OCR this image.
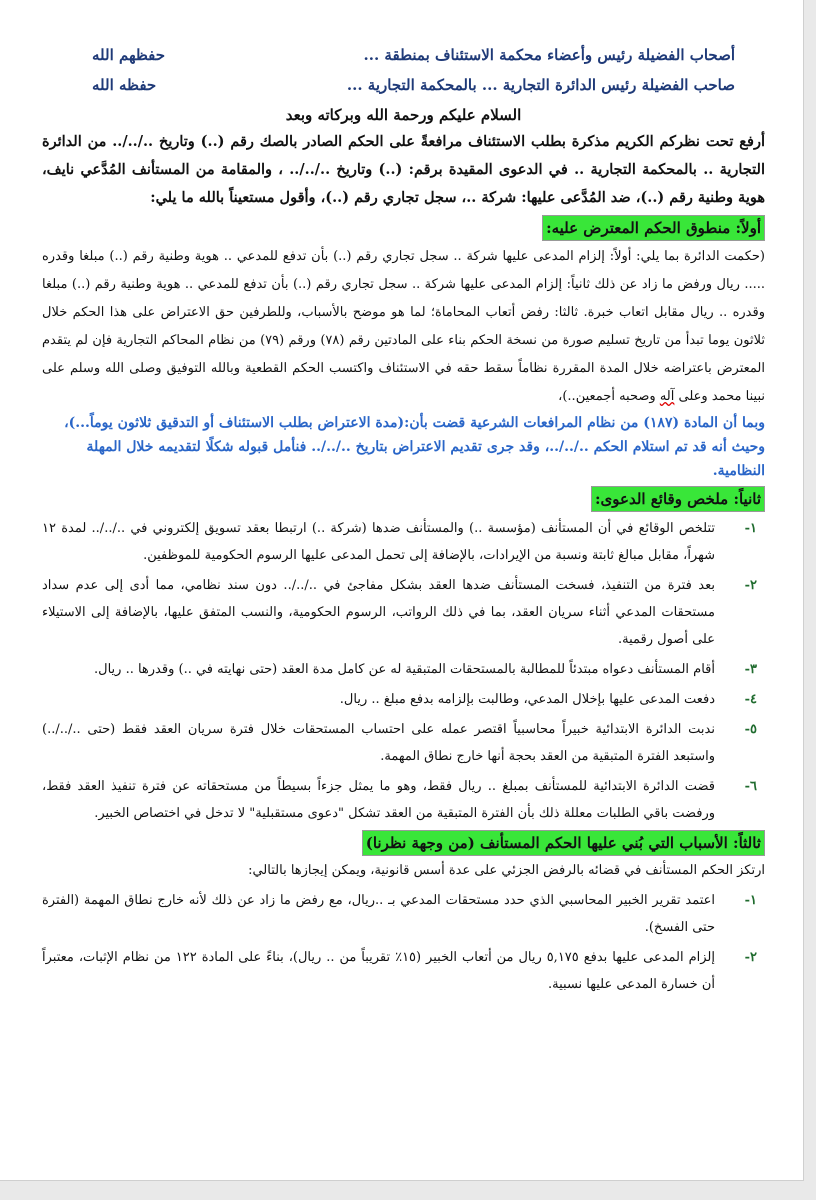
أصحاب الفضيلة رئيس وأعضاء محكمة الاستئناف بمنطقة ...
حفظهم الله
صاحب الفضيلة رئيس الدائرة التجارية ... بالمحكمة التجارية ...
حفظه الله
السلام عليكم ورحمة الله وبركاته وبعد
أرفع تحت نظركم الكريم مذكرة بطلب الاستئناف مرافعةً على الحكم الصادر بالصك رقم (..) وتاريخ ../../.. من الدائرة التجارية .. بالمحكمة التجارية .. في الدعوى المقيدة برقم: (..) وتاريخ ../../.. ، والمقامة من المستأنف المُدَّعي نايف، هوية وطنية رقم (..)، ضد المُدَّعى عليها: شركة ..، سجل تجاري رقم (..)، وأقول مستعيناً بالله ما يلي:
أولاً: منطوق الحكم المعترض عليه:
(حكمت الدائرة بما يلي: أولاً: إلزام المدعى عليها شركة .. سجل تجاري رقم (..) بأن تدفع للمدعي .. هوية وطنية رقم (..) مبلغا وقدره ..... ريال ورفض ما زاد عن ذلك ثانياً: إلزام المدعى عليها شركة .. سجل تجاري رقم (..) بأن تدفع للمدعي .. هوية وطنية رقم (..) مبلغا وقدره .. ريال مقابل اتعاب خبرة. ثالثا: رفض أتعاب المحاماة؛ لما هو موضح بالأسباب، وللطرفين حق الاعتراض على هذا الحكم خلال ثلاثون يوما تبدأ من تاريخ تسليم صورة من نسخة الحكم بناء على المادتين رقم (٧٨) ورقم (٧٩) من نظام المحاكم التجارية فإن لم يتقدم المعترض باعتراضه خلال المدة المقررة نظاماً سقط حقه في الاستئناف واكتسب الحكم القطعية وبالله التوفيق وصلى الله وسلم على نبينا محمد وعلى آله وصحبه أجمعين..)،
وبما أن المادة (١٨٧) من نظام المرافعات الشرعية قضت بأن:(مدة الاعتراض بطلب الاستئناف أو التدقيق ثلاثون يوماً...)، وحيث أنه قد تم استلام الحكم ../../..، وقد جرى تقديم الاعتراض بتاريخ ../../.. فنأمل قبوله شكلًا لتقديمه خلال المهلة النظامية.
ثانياً: ملخص وقائع الدعوى:
١-
تتلخص الوقائع في أن المستأنف (مؤسسة ..) والمستأنف ضدها (شركة ..) ارتبطا بعقد تسويق إلكتروني في ../../.. لمدة ١٢ شهراً، مقابل مبالغ ثابتة ونسبة من الإيرادات، بالإضافة إلى تحمل المدعى عليها الرسوم الحكومية للموظفين.
٢-
بعد فترة من التنفيذ، فسخت المستأنف ضدها العقد بشكل مفاجئ في ../../.. دون سند نظامي، مما أدى إلى عدم سداد مستحقات المدعي أثناء سريان العقد، بما في ذلك الرواتب، الرسوم الحكومية، والنسب المتفق عليها، بالإضافة إلى الاستيلاء على أصول رقمية.
٣-
أقام المستأنف دعواه مبتدئاً للمطالبة بالمستحقات المتبقية له عن كامل مدة العقد (حتى نهايته في ..) وقدرها .. ريال.
٤-
دفعت المدعى عليها بإخلال المدعي، وطالبت بإلزامه بدفع مبلغ .. ريال.
٥-
ندبت الدائرة الابتدائية خبيراً محاسبياً اقتصر عمله على احتساب المستحقات خلال فترة سريان العقد فقط (حتى ../../..) واستبعد الفترة المتبقية من العقد بحجة أنها خارج نطاق المهمة.
٦-
قضت الدائرة الابتدائية للمستأنف بمبلغ .. ريال فقط، وهو ما يمثل جزءاً بسيطاً من مستحقاته عن فترة تنفيذ العقد فقط، ورفضت باقي الطلبات معللة ذلك بأن الفترة المتبقية من العقد تشكل "دعوى مستقبلية" لا تدخل في اختصاص الخبير.
ثالثاً: الأسباب التي بُني عليها الحكم المستأنف (من وجهة نظرنا)
ارتكز الحكم المستأنف في قضائه بالرفض الجزئي على عدة أسس قانونية، ويمكن إيجازها بالتالي:
١-
اعتمد تقرير الخبير المحاسبي الذي حدد مستحقات المدعي بـ ..ريال، مع رفض ما زاد عن ذلك لأنه خارج نطاق المهمة (الفترة حتى الفسخ).
٢-
إلزام المدعى عليها بدفع ٥,١٧٥ ريال من أتعاب الخبير (١٥٪ تقريباً من .. ريال)، بناءً على المادة ١٢٢ من نظام الإثبات، معتبراً أن خسارة المدعى عليها نسبية.
